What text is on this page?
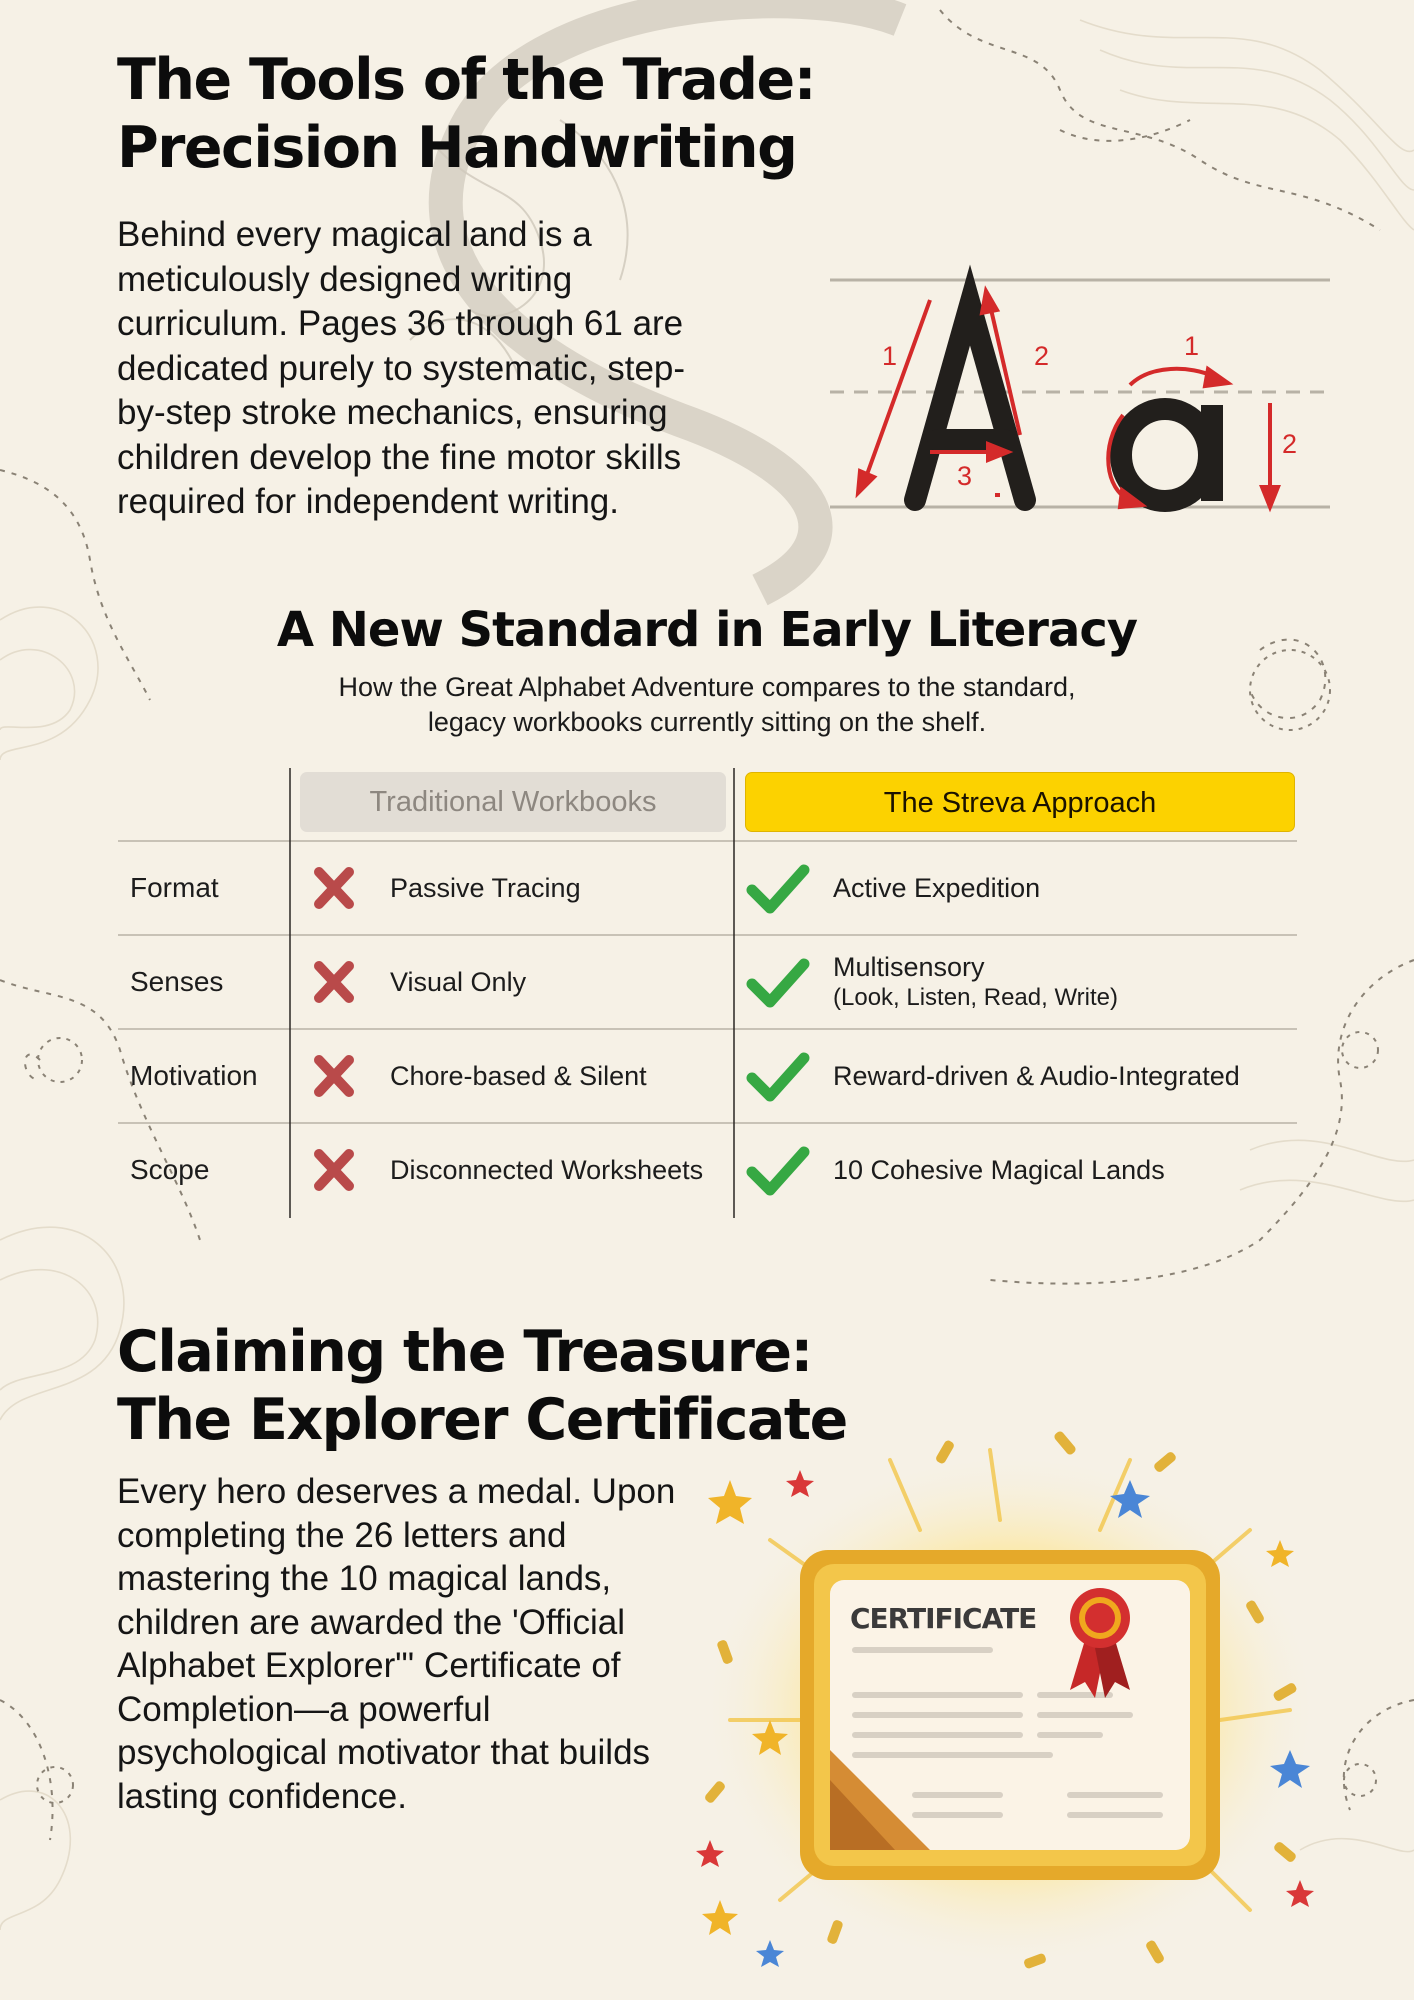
The Tools of the Trade:
Precision Handwriting

Behind every magical land is a meticulously designed writing curriculum. Pages 36 through 61 are dedicated purely to systematic, step-by-step stroke mechanics, ensuring children develop the fine motor skills required for independent writing.

1	2
3
1
2
A New Standard in Early Literacy

How the Great Alphabet Adventure compares to the standard,
legacy workbooks currently sitting on the shelf.

Traditional Workbooks	The Streva Approach
Format	Passive Tracing	Active Expedition
Senses	Visual Only	Multisensory
(Look, Listen, Read, Write)
Motivation	Chore-based & Silent	Reward-driven & Audio-Integrated
Scope	Disconnected Worksheets	10 Cohesive Magical Lands
Claiming the Treasure:
The Explorer Certificate

Every hero deserves a medal. Upon completing the 26 letters and mastering the 10 magical lands, children are awarded the 'Official Alphabet Explorer"' Certificate of Completion—a powerful psychological motivator that builds lasting confidence.

CERTIFICATE
